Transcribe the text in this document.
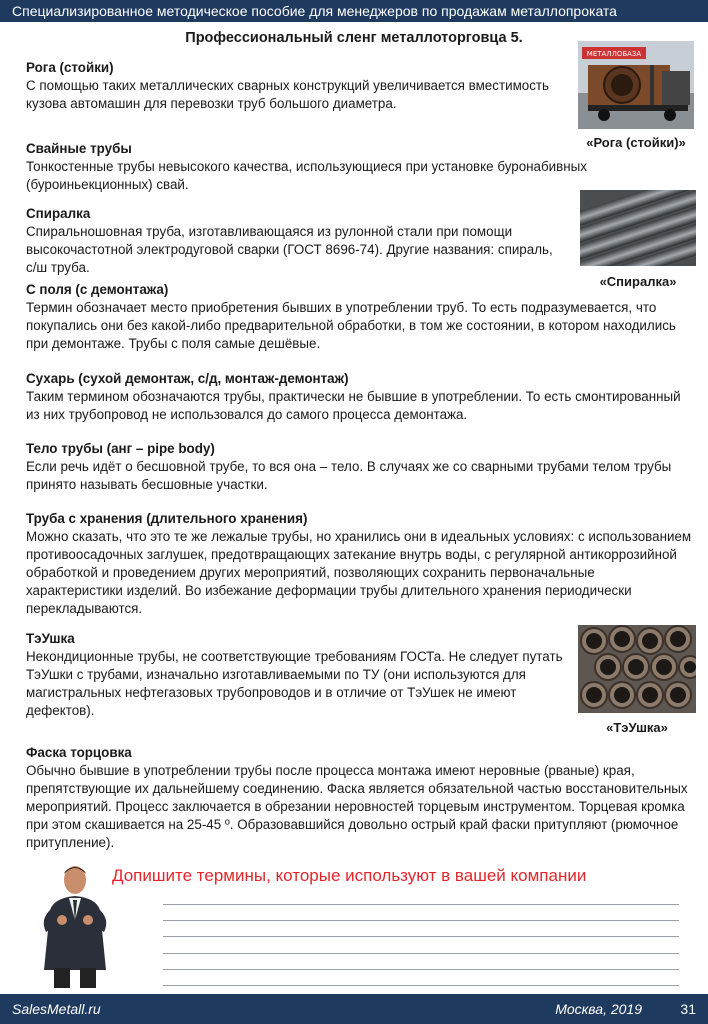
Специализированное методическое пособие для менеджеров по продажам металлопроката
Профессиональный сленг металлоторговца 5.
Рога (стойки)

С помощью таких металлических сварных конструкций увеличивается вместимость кузова автомашин для перевозки труб большого диаметра.

Свайные трубы

Тонкостенные трубы невысокого качества, использующиеся при установке буронабивных (буроиньекционных) свай.

Спиралка

Спиральношовная труба, изготавливающаяся из рулонной стали при помощи высокочастотной электродуговой сварки (ГОСТ 8696-74). Другие названия: спираль, с/ш труба.

С поля (с демонтажа)

Термин обозначает место приобретения бывших в употреблении труб. То есть подразумевается, что покупались они без какой-либо предварительной обработки, в том же состоянии, в котором находились при демонтаже. Трубы с поля самые дешёвые.

Сухарь (сухой демонтаж, с/д, монтаж-демонтаж)

Таким термином обозначаются трубы, практически не бывшие в употреблении. То есть смонтированный из них трубопровод не использовался до самого процесса демонтажа.

Тело трубы (анг – pipe body)

Если речь идёт о бесшовной трубе, то вся она – тело. В случаях же со сварными трубами телом трубы принято называть бесшовные участки.

Труба с хранения (длительного хранения)

Можно сказать, что это те же лежалые трубы, но хранились они в идеальных условиях: с использованием противоосадочных заглушек, предотвращающих затекание внутрь воды, с регулярной антикоррозийной обработкой и проведением других мероприятий, позволяющих сохранить первоначальные характеристики изделий. Во избежание деформации трубы длительного хранения периодически перекладываются.

ТэУшка

Некондиционные трубы, не соответствующие требованиям ГОСТа. Не следует путать ТэУшки с трубами, изначально изготавливаемыми по ТУ (они используются для магистральных нефтегазовых трубопроводов и в отличие от ТэУшек не имеют дефектов).

Фаска торцовка

Обычно бывшие в употреблении трубы после процесса монтажа имеют неровные (рваные) края, препятствующие их дальнейшему соединению. Фаска является обязательной частью восстановительных мероприятий. Процесс заключается в обрезании неровностей торцевым инструментом. Торцевая кромка при этом скашивается на 25-45 º. Образовавшийся довольно острый край фаски притупляют (рюмочное притупление).

МЕТАЛЛОБАЗА
«Рога (стойки)»
«Спиралка»
«ТэУшка»
Допишите термины, которые используют в вашей компании
SalesMetall.ru	Москва, 2019	31
